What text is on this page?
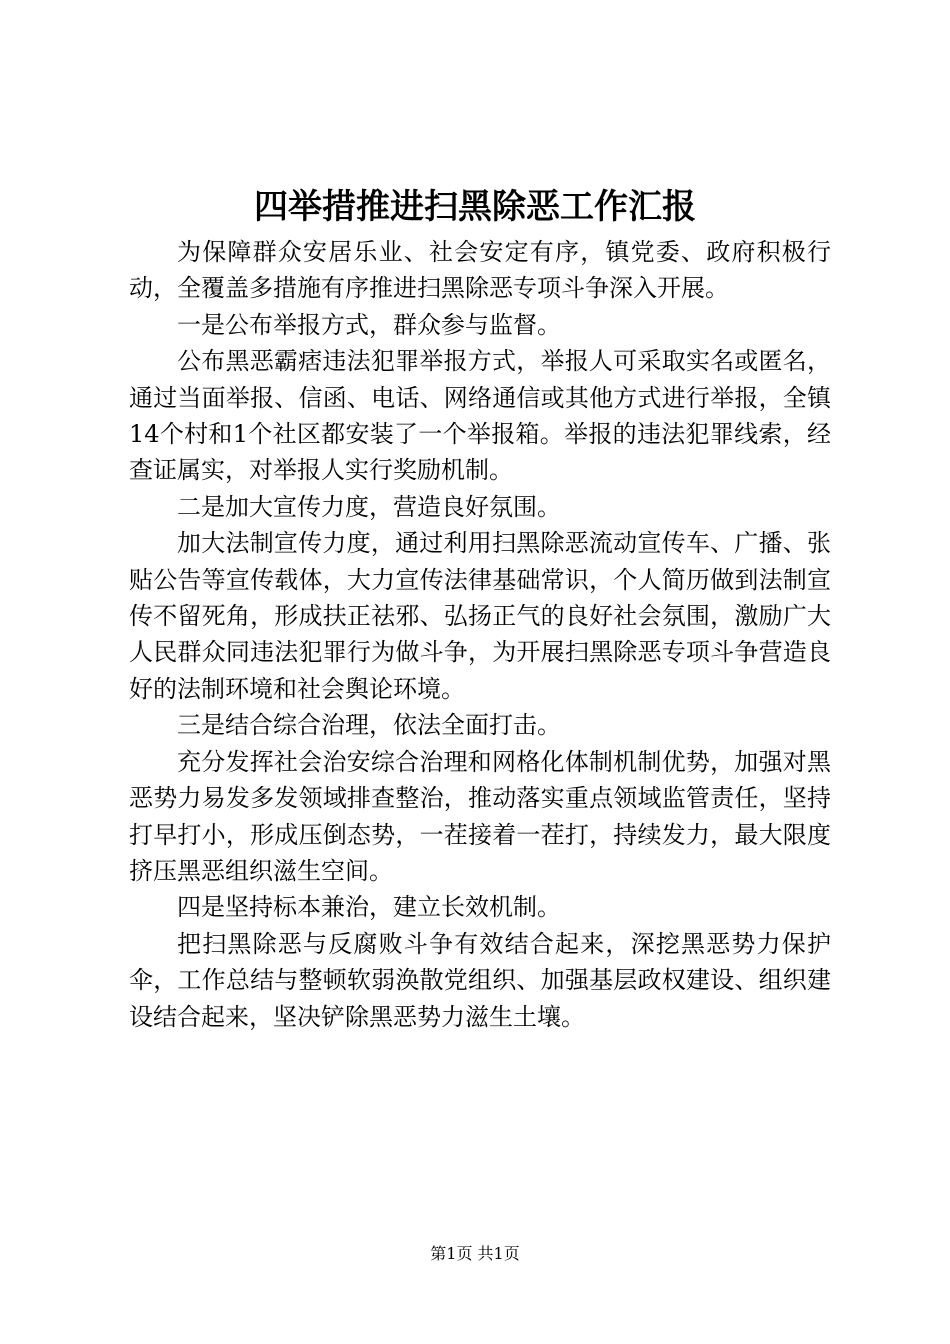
四举措推进扫黑除恶工作汇报

为保障群众安居乐业、社会安定有序，镇党委、政府积极行动，全覆盖多措施有序推进扫黑除恶专项斗争深入开展。

一是公布举报方式，群众参与监督。

公布黑恶霸痞违法犯罪举报方式，举报人可采取实名或匿名，通过当面举报、信函、电话、网络通信或其他方式进行举报，全镇14个村和1个社区都安装了一个举报箱。举报的违法犯罪线索，经查证属实，对举报人实行奖励机制。

二是加大宣传力度，营造良好氛围。

加大法制宣传力度，通过利用扫黑除恶流动宣传车、广播、张贴公告等宣传载体，大力宣传法律基础常识，个人简历做到法制宣传不留死角，形成扶正祛邪、弘扬正气的良好社会氛围，激励广大人民群众同违法犯罪行为做斗争，为开展扫黑除恶专项斗争营造良好的法制环境和社会舆论环境。

三是结合综合治理，依法全面打击。

充分发挥社会治安综合治理和网格化体制机制优势，加强对黑恶势力易发多发领域排查整治，推动落实重点领域监管责任，坚持打早打小，形成压倒态势，一茬接着一茬打，持续发力，最大限度挤压黑恶组织滋生空间。

四是坚持标本兼治，建立长效机制。

把扫黑除恶与反腐败斗争有效结合起来，深挖黑恶势力保护伞，工作总结与整顿软弱涣散党组织、加强基层政权建设、组织建设结合起来，坚决铲除黑恶势力滋生土壤。

第1页 共1页
